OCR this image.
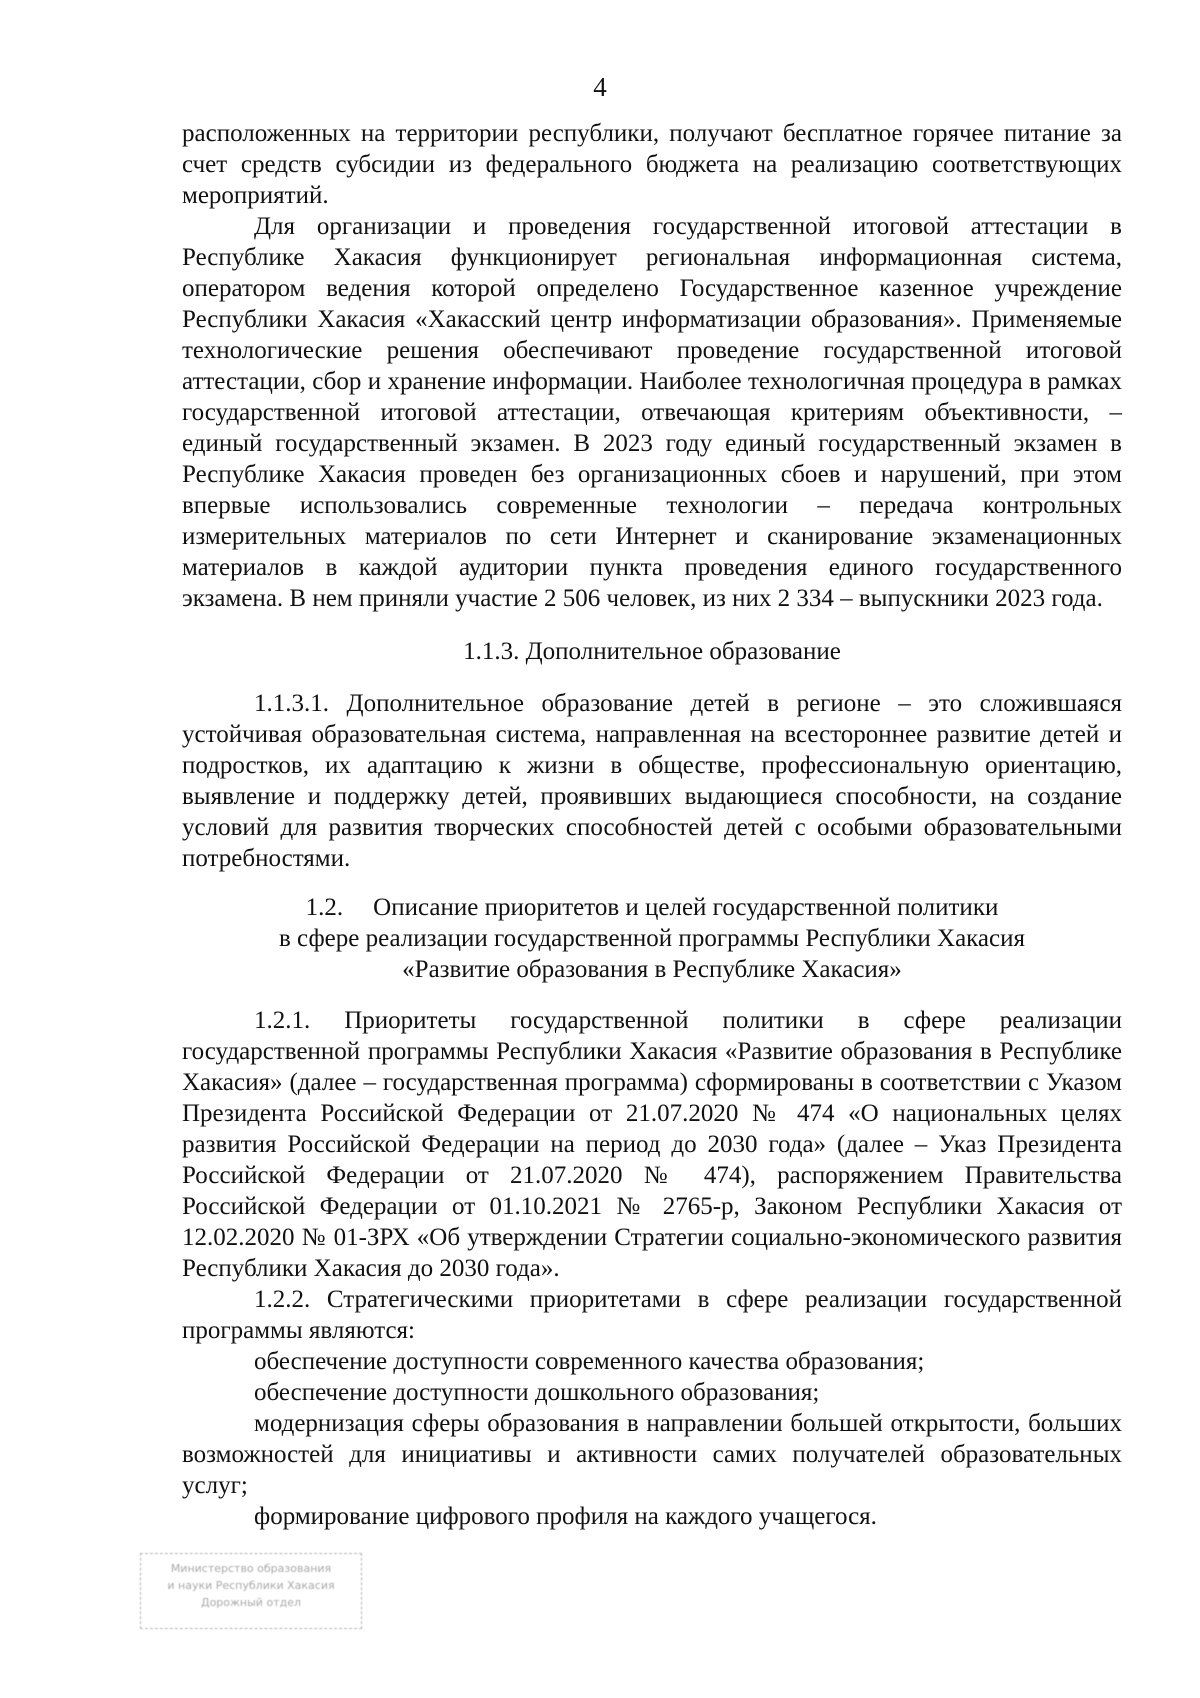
4

расположенных на территории республики, получают бесплатное горячее питание за счет средств субсидии из федерального бюджета на реализацию соответствующих мероприятий.

Для организации и проведения государственной итоговой аттестации в Республике Хакасия функционирует региональная информационная система, оператором ведения которой определено Государственное казенное учреждение Республики Хакасия «Хакасский центр информатизации образования». Применяемые технологические решения обеспечивают проведение государственной итоговой аттестации, сбор и хранение информации. Наиболее технологичная процедура в рамках государственной итоговой аттестации, отвечающая критериям объективности, – единый государственный экзамен. В 2023 году единый государственный экзамен в Республике Хакасия проведен без организационных сбоев и нарушений, при этом впервые использовались современные технологии – передача контрольных измерительных материалов по сети Интернет и сканирование экзаменационных материалов в каждой аудитории пункта проведения единого государственного экзамена. В нем приняли участие 2 506 человек, из них 2 334 – выпускники 2023 года.

1.1.3. Дополнительное образование

1.1.3.1. Дополнительное образование детей в регионе – это сложившаяся устойчивая образовательная система, направленная на всестороннее развитие детей и подростков, их адаптацию к жизни в обществе, профессиональную ориентацию, выявление и поддержку детей, проявивших выдающиеся способности, на создание условий для развития творческих способностей детей с особыми образовательными потребностями.

1.2. Описание приоритетов и целей государственной политики
в сфере реализации государственной программы Республики Хакасия
«Развитие образования в Республике Хакасия»

1.2.1. Приоритеты государственной политики в сфере реализации государственной программы Республики Хакасия «Развитие образования в Республике Хакасия» (далее – государственная программа) сформированы в соответствии с Указом Президента Российской Федерации от 21.07.2020 № 474 «О национальных целях развития Российской Федерации на период до 2030 года» (далее – Указ Президента Российской Федерации от 21.07.2020 № 474), распоряжением Правительства Российской Федерации от 01.10.2021 № 2765-р, Законом Республики Хакасия от 12.02.2020 № 01-ЗРХ «Об утверждении Стратегии социально-экономического развития Республики Хакасия до 2030 года».

1.2.2. Стратегическими приоритетами в сфере реализации государственной программы являются:

обеспечение доступности современного качества образования;

обеспечение доступности дошкольного образования;

модернизация сферы образования в направлении большей открытости, больших возможностей для инициативы и активности самих получателей образовательных услуг;

формирование цифрового профиля на каждого учащегося.

Министерство образования
и науки Республики Хакасия
Дорожный отдел
